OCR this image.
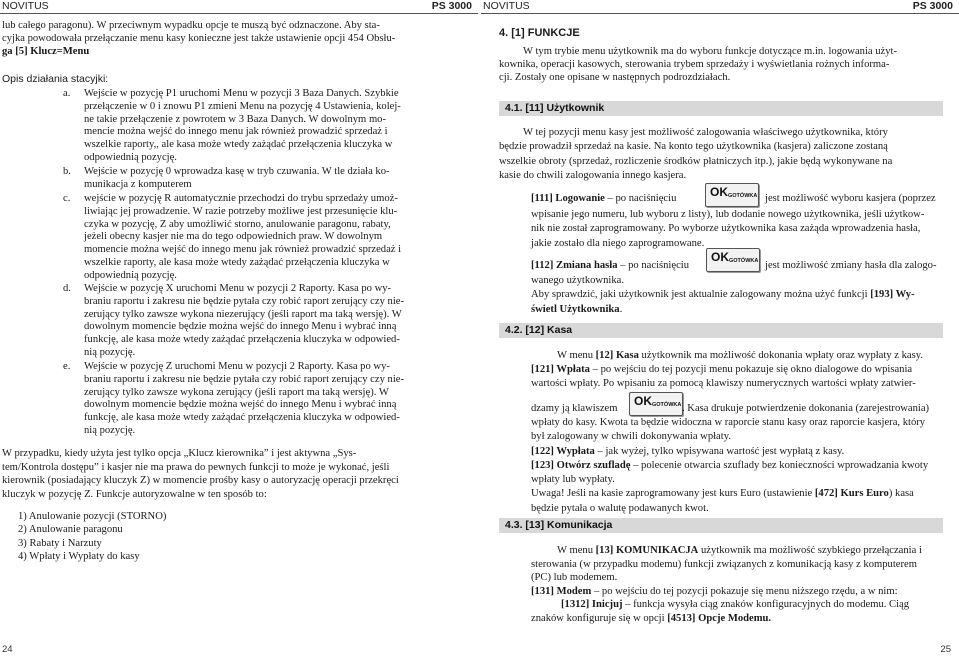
NOVITUS	PS 3000
lub całego paragonu). W przeciwnym wypadku opcje te muszą być odznaczone. Aby sta-
cyjka powodowała przełączanie menu kasy konieczne jest także ustawienie opcji 454 Obsłu-
ga [5] Klucz=Menu
Opis działania stacyjki:
a. Wejście w pozycję P1 uruchomi Menu w pozycji 3 Baza Danych. Szybkie
przełączenie w 0 i znowu P1 zmieni Menu na pozycję 4 Ustawienia, kolej-
ne takie przełączenie z powrotem w 3 Baza Danych. W dowolnym mo-
mencie można wejść do innego menu jak również prowadzić sprzedaż i
wszelkie raporty,, ale kasa może wtedy zażądać przełączenia kluczyka w
odpowiednią pozycję.
b. Wejście w pozycję 0 wprowadza kasę w tryb czuwania. W tle działa ko-
munikacja z komputerem
c. wejście w pozycję R automatycznie przechodzi do trybu sprzedaży umoż-
liwiając jej prowadzenie. W razie potrzeby możliwe jest przesunięcie klu-
czyka w pozycję, Z aby umożliwić storno, anulowanie paragonu, rabaty,
jeżeli obecny kasjer nie ma do tego odpowiednich praw. W dowolnym
momencie można wejść do innego menu jak również prowadzić sprzedaż i
wszelkie raporty, ale kasa może wtedy zażądać przełączenia kluczyka w
odpowiednią pozycję.
d. Wejście w pozycję X uruchomi Menu w pozycji 2 Raporty. Kasa po wy-
braniu raportu i zakresu nie będzie pytała czy robić raport zerujący czy nie-
zerujący tylko zawsze wykona niezerujący (jeśli raport ma taką wersję). W
dowolnym momencie będzie można wejść do innego Menu i wybrać inną
funkcję, ale kasa może wtedy zażądać przełączenia kluczyka w odpowied-
nią pozycję.
e. Wejście w pozycję Z uruchomi Menu w pozycji 2 Raporty. Kasa po wy-
braniu raportu i zakresu nie będzie pytała czy robić raport zerujący czy nie-
zerujący tylko zawsze wykona zerujący (jeśli raport ma taką wersję). W
dowolnym momencie będzie można wejść do innego Menu i wybrać inną
funkcję, ale kasa może wtedy zażądać przełączenia kluczyka w odpowied-
nią pozycję.
W przypadku, kiedy użyta jest tylko opcja „Klucz kierownika” i jest aktywna „Sys-
tem/Kontrola dostępu” i kasjer nie ma prawa do pewnych funkcji to może je wykonać, jeśli
kierownik (posiadający kluczyk Z) w momencie prośby kasy o autoryzację operacji przekręci
kluczyk w pozycję Z. Funkcje autoryzowalne w ten sposób to:
1) Anulowanie pozycji (STORNO)
2) Anulowanie paragonu
3) Rabaty i Narzuty
4) Wpłaty i Wypłaty do kasy
24
NOVITUS	PS 3000
4. [1] FUNKCJE
W tym trybie menu użytkownik ma do wyboru funkcje dotyczące m.in. logowania użyt-
kownika, operacji kasowych, sterowania trybem sprzedaży i wyświetlania rożnych informa-
cji. Zostały one opisane w następnych podrozdziałach.
4.1. [11] Użytkownik
W tej pozycji menu kasy jest możliwość zalogowania właściwego użytkownika, który
będzie prowadził sprzedaż na kasie. Na konto tego użytkownika (kasjera) zaliczone zostaną
wszelkie obroty (sprzedaż, rozliczenie środków płatniczych itp.), jakie będą wykonywane na
kasie do chwili zalogowania innego kasjera.
[111] Logowanie – po naciśnięciu	OK GOTÓWKA jest możliwość wyboru kasjera (poprzez
wpisanie jego numeru, lub wyboru z listy), lub dodanie nowego użytkownika, jeśli użytkow-
nik nie został zaprogramowany. Po wyborze użytkownika kasa zażąda wprowadzenia hasła,
jakie zostało dla niego zaprogramowane.
[112] Zmiana hasła – po naciśnięciu
OK GOTÓWKA jest możliwość zmiany hasła dla zalogo-
wanego użytkownika.
Aby sprawdzić, jaki użytkownik jest aktualnie zalogowany można użyć funkcji [193] Wy-
świetl Użytkownika.
4.2. [12] Kasa
W menu [12] Kasa użytkownik ma możliwość dokonania wpłaty oraz wypłaty z kasy.
[121] Wpłata – po wejściu do tej pozycji menu pokazuje się okno dialogowe do wpisania
wartości wpłaty. Po wpisaniu za pomocą klawiszy numerycznych wartości wpłaty zatwier-
dzamy ją klawiszem
OK GOTÓWKA . Kasa drukuje potwierdzenie dokonania (zarejestrowania)
wpłaty do kasy. Kwota ta będzie widoczna w raporcie stanu kasy oraz raporcie kasjera, który
był zalogowany w chwili dokonywania wpłaty.
[122] Wypłata – jak wyżej, tylko wpisywana wartość jest wypłatą z kasy.
[123] Otwórz szufladę – polecenie otwarcia szuflady bez konieczności wprowadzania kwoty
wpłaty lub wypłaty.
Uwaga! Jeśli na kasie zaprogramowany jest kurs Euro (ustawienie [472] Kurs Euro) kasa
będzie pytała o walutę podawanych kwot.
4.3. [13] Komunikacja
W menu [13] KOMUNIKACJA użytkownik ma możliwość szybkiego przełączania i
sterowania (w przypadku modemu) funkcji związanych z komunikacją kasy z komputerem
(PC) lub modemem.
[131] Modem – po wejściu do tej pozycji pokazuje się menu niższego rzędu, a w nim:
[1312] Inicjuj – funkcja wysyła ciąg znaków konfiguracyjnych do modemu. Ciąg
znaków konfiguruje się w opcji [4513] Opcje Modemu.
25
